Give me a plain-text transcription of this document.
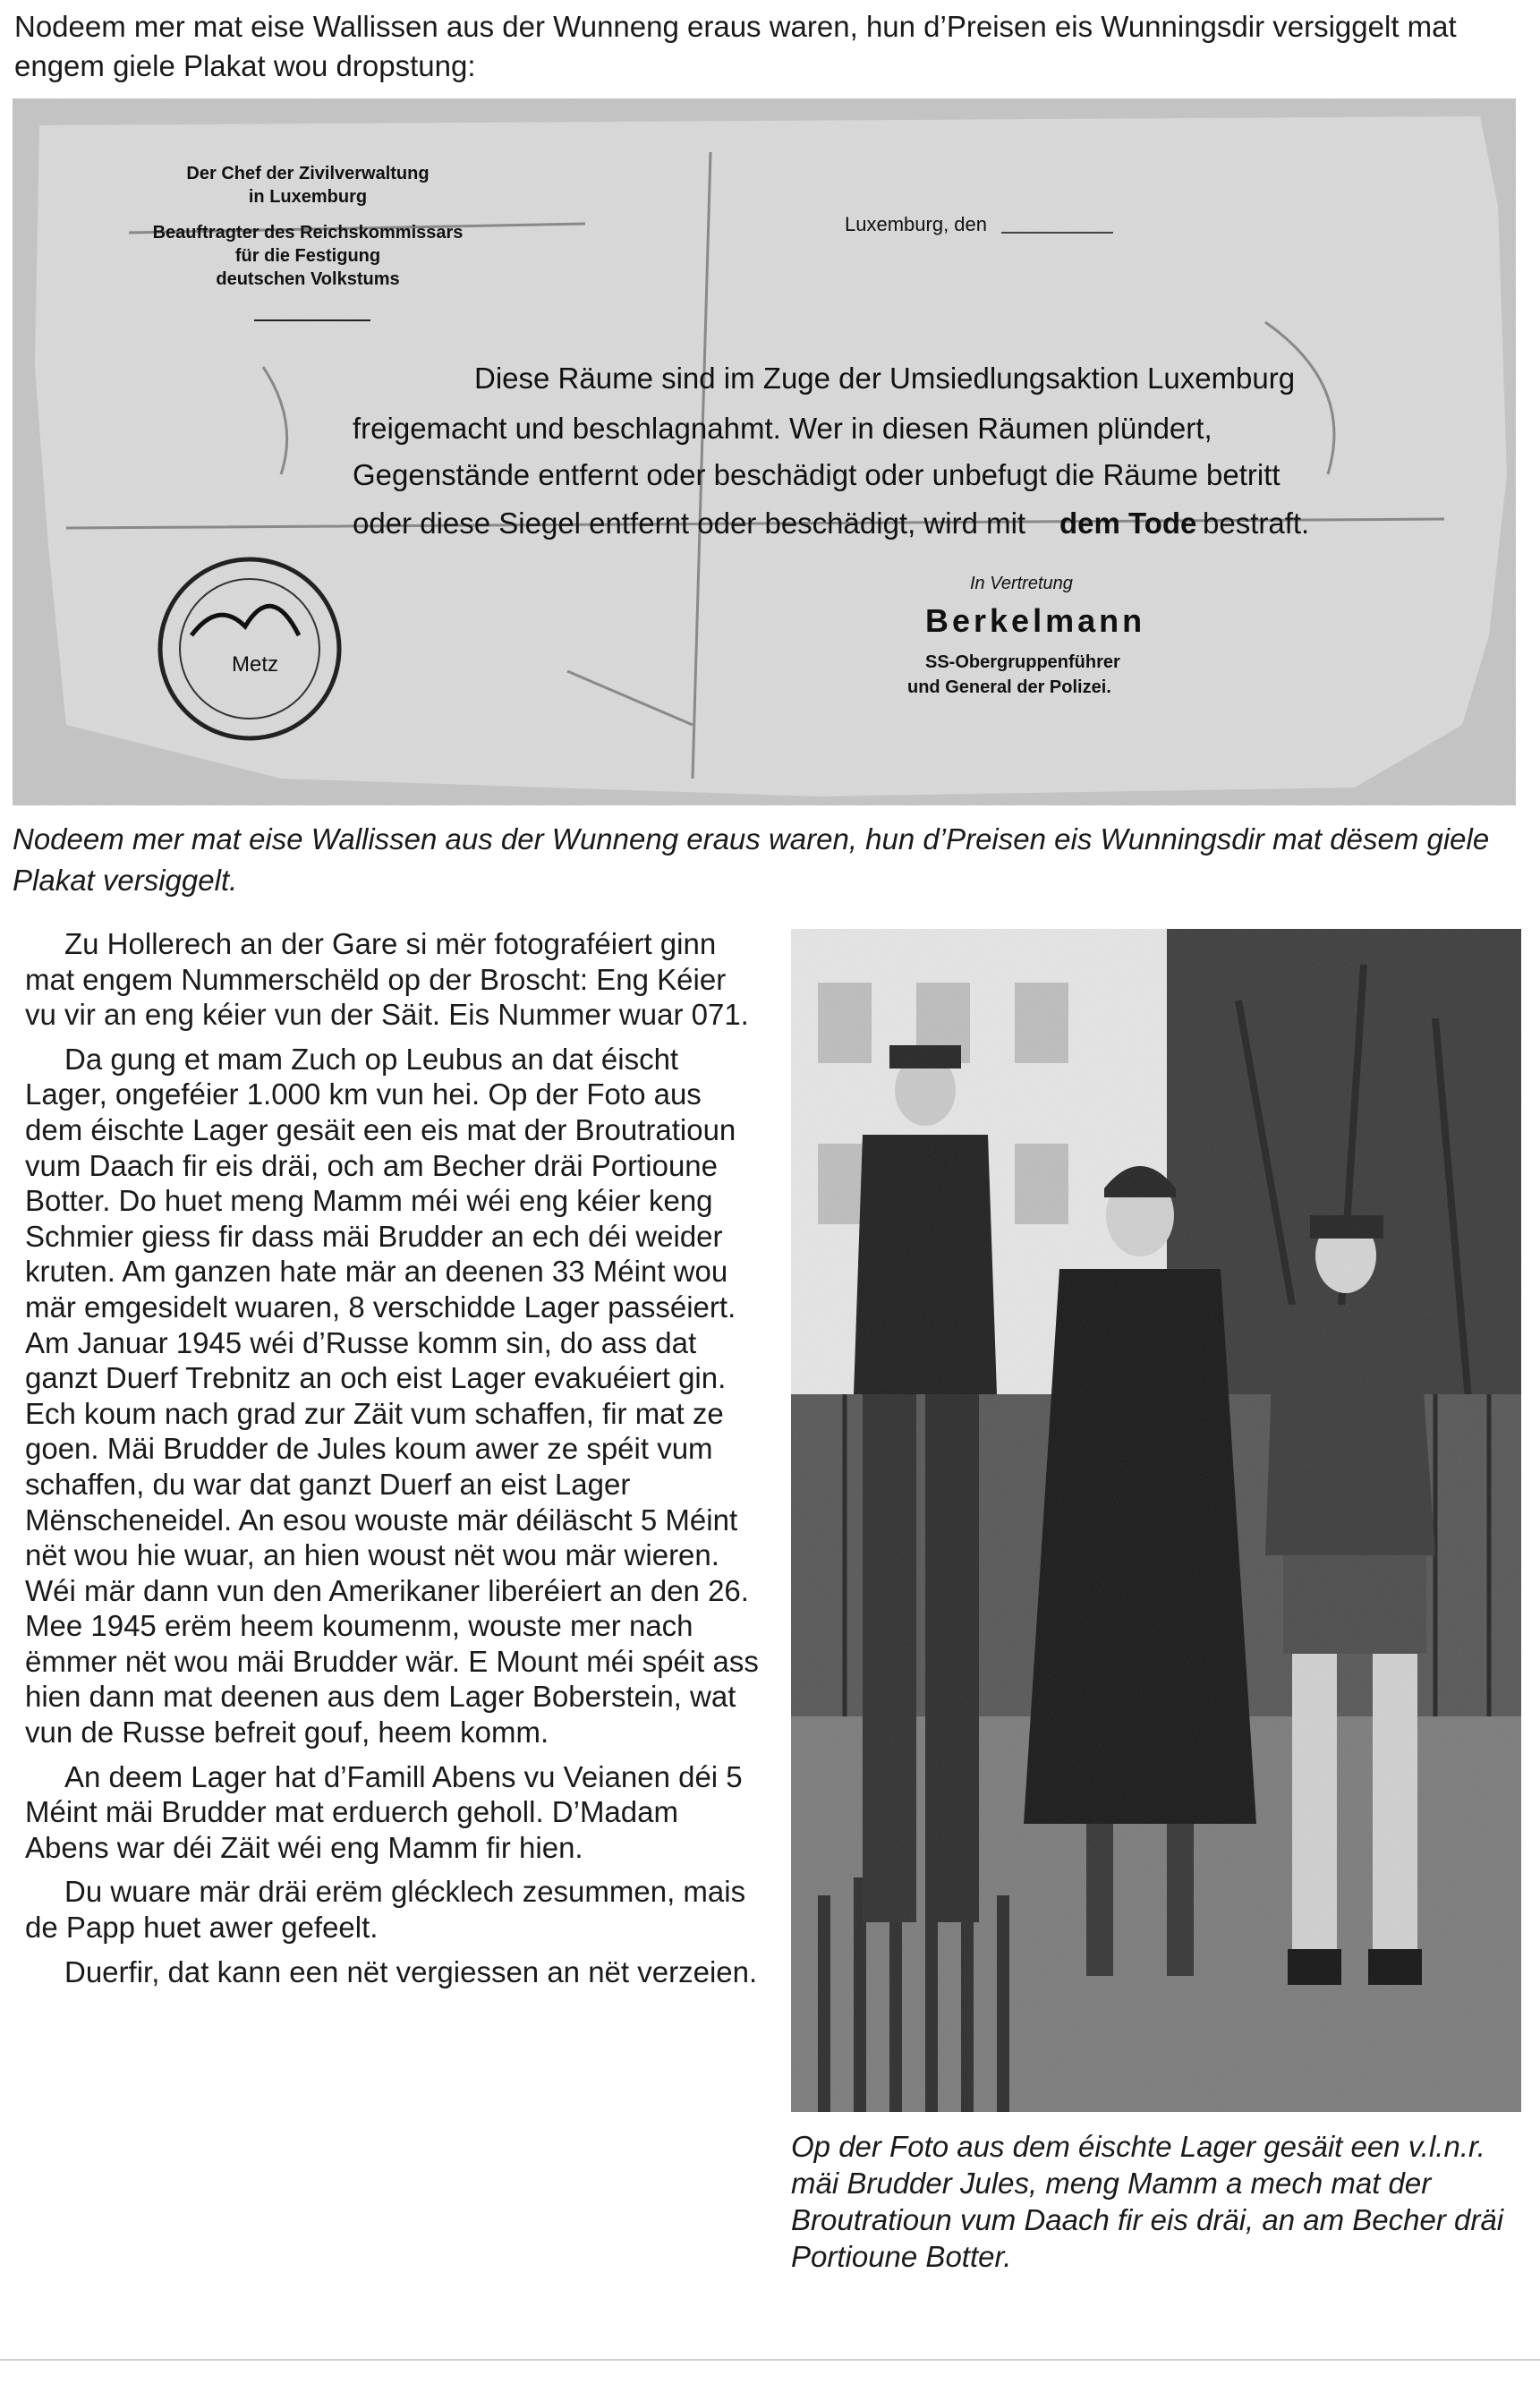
Nodeem mer mat eise Wallissen aus der Wunneng eraus waren, hun d’Preisen eis Wunningsdir versiggelt mat engem giele Plakat wou dropstung:

Der Chef der Zivilverwaltung
in Luxemburg
Beauftragter des Reichskommissars
für die Festigung
deutschen Volkstums
Luxemburg, den
Diese Räume sind im Zuge der Umsiedlungsaktion Luxemburg
freigemacht und beschlagnahmt. Wer in diesen Räumen plündert,
Gegenstände entfernt oder beschädigt oder unbefugt die Räume betritt
oder diese Siegel entfernt oder beschädigt, wird mit dem Tode bestraft.
In Vertretung
Berkelmann
SS-Obergruppenführer
und General der Polizei.
Metz

Nodeem mer mat eise Wallissen aus der Wunneng eraus waren, hun d’Preisen eis Wunningsdir mat dësem giele Plakat versiggelt.

Zu Hollerech an der Gare si mër fotograféiert ginn mat engem Nummerschëld op der Broscht: Eng Kéier vu vir an eng kéier vun der Säit. Eis Nummer wuar 071.

Da gung et mam Zuch op Leubus an dat éischt Lager, ongeféier 1.000 km vun hei. Op der Foto aus dem éischte Lager gesäit een eis mat der Broutratioun vum Daach fir eis dräi, och am Becher dräi Portioune Botter. Do huet meng Mamm méi wéi eng kéier keng Schmier giess fir dass mäi Brudder an ech déi weider kruten. Am ganzen hate mär an deenen 33 Méint wou mär emgesidelt wuaren, 8 verschidde Lager passéiert. Am Januar 1945 wéi d’Russe komm sin, do ass dat ganzt Duerf Trebnitz an och eist Lager evakuéiert gin. Ech koum nach grad zur Zäit vum schaffen, fir mat ze goen. Mäi Brudder de Jules koum awer ze spéit vum schaffen, du war dat ganzt Duerf an eist Lager Mënscheneidel. An esou wouste mär déiläscht 5 Méint nët wou hie wuar, an hien woust nët wou mär wieren. Wéi mär dann vun den Amerikaner liberéiert an den 26. Mee 1945 erëm heem koumenm, wouste mer nach ëmmer nët wou mäi Brudder wär. E Mount méi spéit ass hien dann mat deenen aus dem Lager Boberstein, wat vun de Russe befreit gouf, heem komm.

An deem Lager hat d’Famill Abens vu Veianen déi 5 Méint mäi Brudder mat erduerch geholl. D’Madam Abens war déi Zäit wéi eng Mamm fir hien.

Du wuare mär dräi erëm glécklech zesummen, mais de Papp huet awer gefeelt.

Duerfir, dat kann een nët vergiessen an nët verzeien.

Op der Foto aus dem éischte Lager gesäit een v.l.n.r. mäi Brudder Jules, meng Mamm a mech mat der Broutratioun vum Daach fir eis dräi, an am Becher dräi Portioune Botter.
